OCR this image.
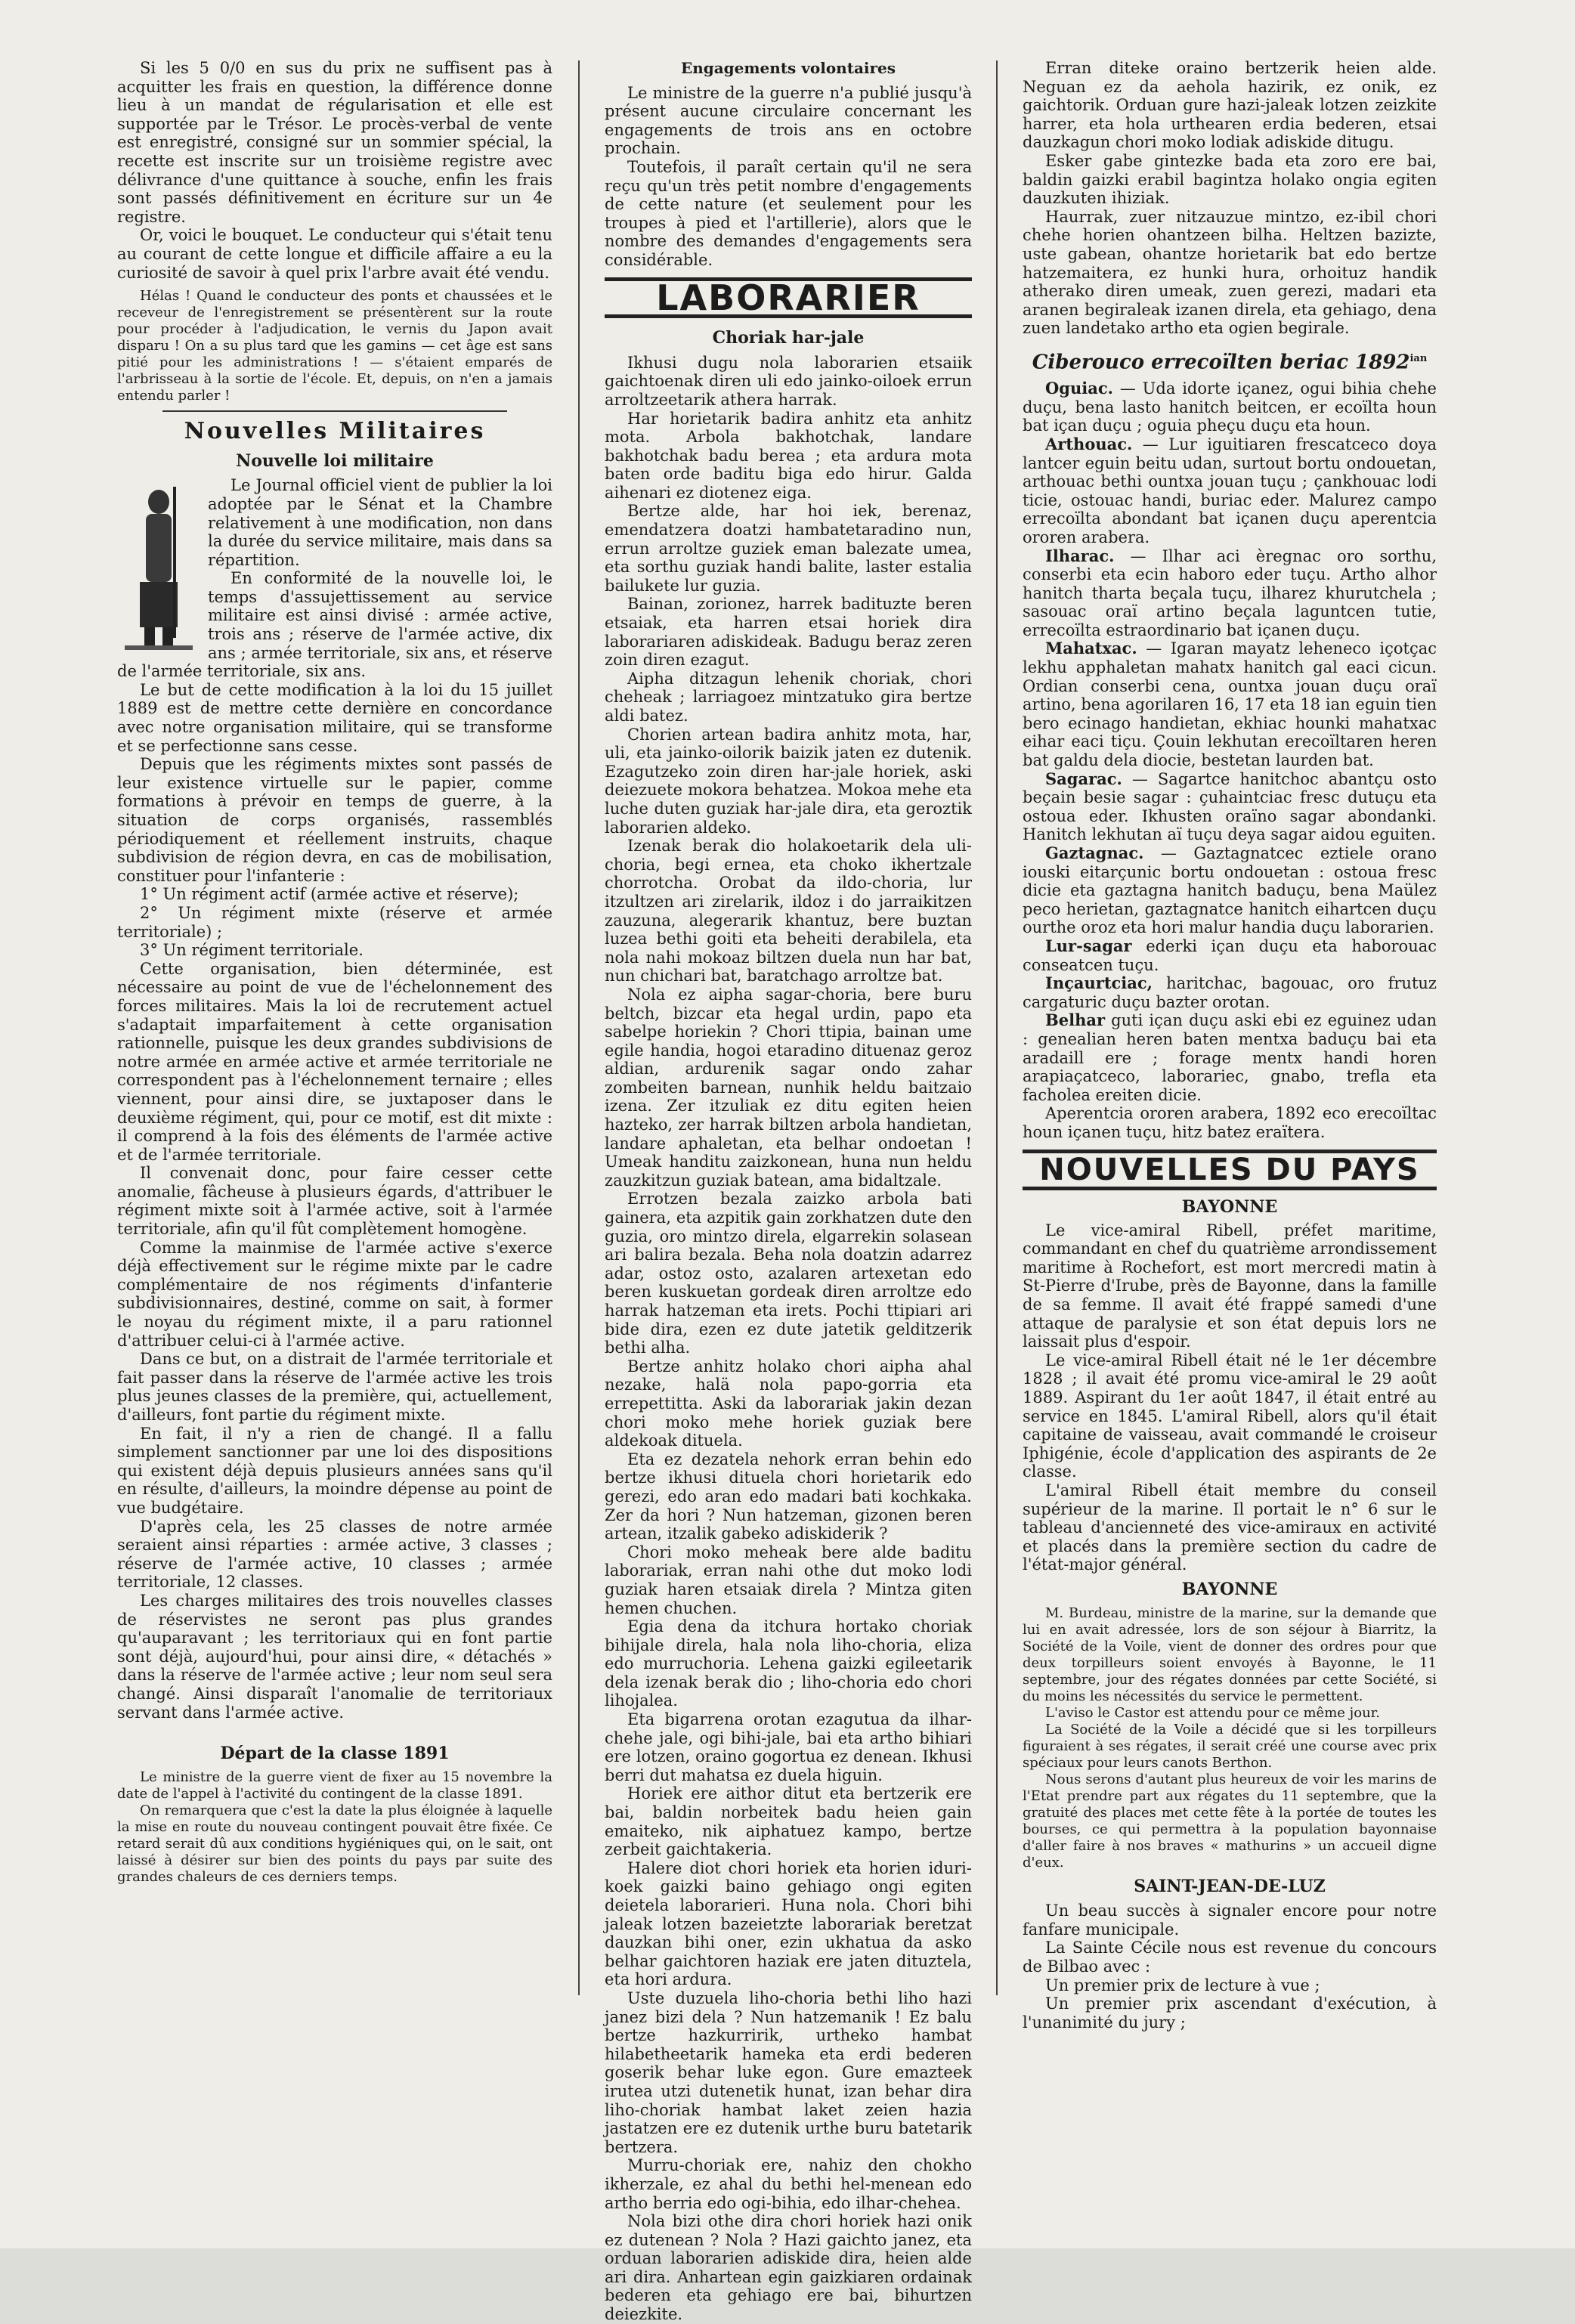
Si les 5 0/0 en sus du prix ne suffisent pas à acquitter les frais en question, la différence donne lieu à un mandat de régularisation et elle est supportée par le Trésor. Le procès-verbal de vente est enregistré, consigné sur un sommier spécial, la recette est inscrite sur un troisième registre avec délivrance d'une quittance à souche, enfin les frais sont passés définitivement en écriture sur un 4e registre.

Or, voici le bouquet. Le conducteur qui s'était tenu au courant de cette longue et difficile affaire a eu la curiosité de savoir à quel prix l'arbre avait été vendu.

Hélas ! Quand le conducteur des ponts et chaussées et le receveur de l'enregistrement se présentèrent sur la route pour procéder à l'adjudication, le vernis du Japon avait disparu ! On a su plus tard que les gamins — cet âge est sans pitié pour les administrations ! — s'étaient emparés de l'arbrisseau à la sortie de l'école. Et, depuis, on n'en a jamais entendu parler !

Nouvelles Militaires
Nouvelle loi militaire

Le Journal officiel vient de publier la loi adoptée par le Sénat et la Chambre relativement à une modification, non dans la durée du service militaire, mais dans sa répartition.

En conformité de la nouvelle loi, le temps d'assujettissement au service militaire est ainsi divisé : armée active, trois ans ; réserve de l'armée active, dix ans ; armée territoriale, six ans, et réserve de l'armée territoriale, six ans.

Le but de cette modification à la loi du 15 juillet 1889 est de mettre cette dernière en concordance avec notre organisation militaire, qui se transforme et se perfectionne sans cesse.

Depuis que les régiments mixtes sont passés de leur existence virtuelle sur le papier, comme formations à prévoir en temps de guerre, à la situation de corps organisés, rassemblés périodiquement et réellement instruits, chaque subdivision de région devra, en cas de mobilisation, constituer pour l'infanterie :

1° Un régiment actif (armée active et réserve);

2° Un régiment mixte (réserve et armée territoriale) ;

3° Un régiment territoriale.

Cette organisation, bien déterminée, est nécessaire au point de vue de l'échelonnement des forces militaires. Mais la loi de recrutement actuel s'adaptait imparfaitement à cette organisation rationnelle, puisque les deux grandes subdivisions de notre armée en armée active et armée territoriale ne correspondent pas à l'échelonnement ternaire ; elles viennent, pour ainsi dire, se juxtaposer dans le deuxième régiment, qui, pour ce motif, est dit mixte : il comprend à la fois des éléments de l'armée active et de l'armée territoriale.

Il convenait donc, pour faire cesser cette anomalie, fâcheuse à plusieurs égards, d'attribuer le régiment mixte soit à l'armée active, soit à l'armée territoriale, afin qu'il fût complètement homogène.

Comme la mainmise de l'armée active s'exerce déjà effectivement sur le régime mixte par le cadre complémentaire de nos régiments d'infanterie subdivisionnaires, destiné, comme on sait, à former le noyau du régiment mixte, il a paru rationnel d'attribuer celui-ci à l'armée active.

Dans ce but, on a distrait de l'armée territoriale et fait passer dans la réserve de l'armée active les trois plus jeunes classes de la première, qui, actuellement, d'ailleurs, font partie du régiment mixte.

En fait, il n'y a rien de changé. Il a fallu simplement sanctionner par une loi des dispositions qui existent déjà depuis plusieurs années sans qu'il en résulte, d'ailleurs, la moindre dépense au point de vue budgétaire.

D'après cela, les 25 classes de notre armée seraient ainsi réparties : armée active, 3 classes ; réserve de l'armée active, 10 classes ; armée territoriale, 12 classes.

Les charges militaires des trois nouvelles classes de réservistes ne seront pas plus grandes qu'auparavant ; les territoriaux qui en font partie sont déjà, aujourd'hui, pour ainsi dire, « détachés » dans la réserve de l'armée active ; leur nom seul sera changé. Ainsi disparaît l'anomalie de territoriaux servant dans l'armée active.

Départ de la classe 1891

Le ministre de la guerre vient de fixer au 15 novembre la date de l'appel à l'activité du contingent de la classe 1891.

On remarquera que c'est la date la plus éloignée à laquelle la mise en route du nouveau contingent pouvait être fixée. Ce retard serait dû aux conditions hygiéniques qui, on le sait, ont laissé à désirer sur bien des points du pays par suite des grandes chaleurs de ces derniers temps.

Engagements volontaires

Le ministre de la guerre n'a publié jusqu'à présent aucune circulaire concernant les engagements de trois ans en octobre prochain.

Toutefois, il paraît certain qu'il ne sera reçu qu'un très petit nombre d'engagements de cette nature (et seulement pour les troupes à pied et l'artillerie), alors que le nombre des demandes d'engagements sera considérable.

LABORARIER
Choriak har-jale

Ikhusi dugu nola laborarien etsaiik gaichtoenak diren uli edo jainko-oiloek errun arroltzeetarik athera harrak.

Har horietarik badira anhitz eta anhitz mota. Arbola bakhotchak, landare bakhotchak badu berea ; eta ardura mota baten orde baditu biga edo hirur. Galda aihenari ez diotenez eiga.

Bertze alde, har hoi iek, berenaz, emendatzera doatzi hambatetaradino nun, errun arroltze guziek eman balezate umea, eta sorthu guziak handi balite, laster estalia bailukete lur guzia.

Bainan, zorionez, harrek badituzte beren etsaiak, eta harren etsai horiek dira laborariaren adiskideak. Badugu beraz zeren zoin diren ezagut.

Aipha ditzagun lehenik choriak, chori cheheak ; larriagoez mintzatuko gira bertze aldi batez.

Chorien artean badira anhitz mota, har, uli, eta jainko-oilorik baizik jaten ez dutenik. Ezagutzeko zoin diren har-jale horiek, aski deiezuete mokora behatzea. Mokoa mehe eta luche duten guziak har-jale dira, eta geroztik laborarien aldeko.

Izenak berak dio holakoetarik dela uli-choria, begi ernea, eta choko ikhertzale chorrotcha. Orobat da ildo-choria, lur itzultzen ari zirelarik, ildoz i do jarraikitzen zauzuna, alegerarik khantuz, bere buztan luzea bethi goiti eta beheiti derabilela, eta nola nahi mokoaz biltzen duela nun har bat, nun chichari bat, baratchago arroltze bat.

Nola ez aipha sagar-choria, bere buru beltch, bizcar eta hegal urdin, papo eta sabelpe horiekin ? Chori ttipia, bainan ume egile handia, hogoi etaradino dituenaz geroz aldian, ardurenik sagar ondo zahar zombeiten barnean, nunhik heldu baitzaio izena. Zer itzuliak ez ditu egiten heien hazteko, zer harrak biltzen arbola handietan, landare aphaletan, eta belhar ondoetan ! Umeak handitu zaizkonean, huna nun heldu zauzkitzun guziak batean, ama bidaltzale.

Errotzen bezala zaizko arbola bati gainera, eta azpitik gain zorkhatzen dute den guzia, oro mintzo direla, elgarrekin solasean ari balira bezala. Beha nola doatzin adarrez adar, ostoz osto, azalaren artexetan edo beren kuskuetan gordeak diren arroltze edo harrak hatzeman eta irets. Pochi ttipiari ari bide dira, ezen ez dute jatetik gelditzerik bethi alha.

Bertze anhitz holako chori aipha ahal nezake, halä nola papo-gorria eta errepettitta. Aski da laborariak jakin dezan chori moko mehe horiek guziak bere aldekoak dituela.

Eta ez dezatela nehork erran behin edo bertze ikhusi dituela chori horietarik edo gerezi, edo aran edo madari bati kochkaka. Zer da hori ? Nun hatzeman, gizonen beren artean, itzalik gabeko adiskiderik ?

Chori moko meheak bere alde baditu laborariak, erran nahi othe dut moko lodi guziak haren etsaiak direla ? Mintza giten hemen chuchen.

Egia dena da itchura hortako choriak bihijale direla, hala nola liho-choria, eliza edo murruchoria. Lehena gaizki egileetarik dela izenak berak dio ; liho-choria edo chori lihojalea.

Eta bigarrena orotan ezagutua da ilhar-chehe jale, ogi bihi-jale, bai eta artho bihiari ere lotzen, oraino gogortua ez denean. Ikhusi berri dut mahatsa ez duela higuin.

Horiek ere aithor ditut eta bertzerik ere bai, baldin norbeitek badu heien gain emaiteko, nik aiphatuez kampo, bertze zerbeit gaichtakeria.

Halere diot chori horiek eta horien iduri-koek gaizki baino gehiago ongi egiten deietela laborarieri. Huna nola. Chori bihi jaleak lotzen bazeietzte laborariak beretzat dauzkan bihi oner, ezin ukhatua da asko belhar gaichtoren haziak ere jaten dituztela, eta hori ardura.

Uste duzuela liho-choria bethi liho hazi janez bizi dela ? Nun hatzemanik ! Ez balu bertze hazkurririk, urtheko hambat hilabetheetarik hameka eta erdi bederen goserik behar luke egon. Gure emazteek irutea utzi dutenetik hunat, izan behar dira liho-choriak hambat laket zeien hazia jastatzen ere ez dutenik urthe buru batetarik bertzera.

Murru-choriak ere, nahiz den chokho ikherzale, ez ahal du bethi hel-menean edo artho berria edo ogi-bihia, edo ilhar-chehea.

Nola bizi othe dira chori horiek hazi onik ez dutenean ? Nola ? Hazi gaichto janez, eta orduan laborarien adiskide dira, heien alde ari dira. Anhartean egin gaizkiaren ordainak bederen eta gehiago ere bai, bihurtzen deiezkite.

Erran diteke oraino bertzerik heien alde. Neguan ez da aehola hazirik, ez onik, ez gaichtorik. Orduan gure hazi-jaleak lotzen zeizkite harrer, eta hola urthearen erdia bederen, etsai dauzkagun chori moko lodiak adiskide ditugu.

Esker gabe gintezke bada eta zoro ere bai, baldin gaizki erabil bagintza holako ongia egiten dauzkuten ihiziak.

Haurrak, zuer nitzauzue mintzo, ez-ibil chori chehe horien ohantzeen bilha. Heltzen bazizte, uste gabean, ohantze horietarik bat edo bertze hatzemaitera, ez hunki hura, orhoituz handik atherako diren umeak, zuen gerezi, madari eta aranen begiraleak izanen direla, eta gehiago, dena zuen landetako artho eta ogien begirale.

Ciberouco errecoïlten beriac $1892^{ian}$

Oguiac. — Uda idorte içanez, ogui bihia chehe duçu, bena lasto hanitch beitcen, er ecoïlta houn bat içan duçu ; oguia pheçu duçu eta houn.

Arthouac. — Lur iguitiaren frescatceco doya lantcer eguin beitu udan, surtout bortu ondouetan, arthouac bethi ountxa jouan tuçu ; çankhouac lodi ticie, ostouac handi, buriac eder. Malurez campo errecoïlta abondant bat içanen duçu aperentcia ororen arabera.

Ilharac. — Ilhar aci èregnac oro sorthu, conserbi eta ecin haboro eder tuçu. Artho alhor hanitch tharta beçala tuçu, ilharez khurutchela ; sasouac oraï artino beçala laguntcen tutie, errecoïlta estraordinario bat içanen duçu.

Mahatxac. — Igaran mayatz leheneco içotçac lekhu apphaletan mahatx hanitch gal eaci cicun. Ordian conserbi cena, ountxa jouan duçu oraï artino, bena agorilaren 16, 17 eta 18 ian eguin tien bero ecinago handietan, ekhiac hounki mahatxac eihar eaci tiçu. Çouin lekhutan erecoïltaren heren bat galdu dela diocie, bestetan laurden bat.

Sagarac. — Sagartce hanitchoc abantçu osto beçain besie sagar : çuhaintciac fresc dutuçu eta ostoua eder. Ikhusten oraïno sagar abondanki. Hanitch lekhutan aï tuçu deya sagar aidou eguiten.

Gaztagnac. — Gaztagnatcec eztiele orano iouski eitarçunic bortu ondouetan : ostoua fresc dicie eta gaztagna hanitch baduçu, bena Maülez peco herietan, gaztagnatce hanitch eihartcen duçu ourthe oroz eta hori malur handia duçu laborarien.

Lur-sagar ederki içan duçu eta haborouac conseatcen tuçu.

Inçaurtciac, haritchac, bagouac, oro frutuz cargaturic duçu bazter orotan.

Belhar guti içan duçu aski ebi ez eguinez udan : genealian heren baten mentxa baduçu bai eta aradaill ere ; forage mentx handi horen arapiaçatceco, laborariec, gnabo, trefla eta facholea ereiten dicie.

Aperentcia ororen arabera, 1892 eco erecoïltac houn içanen tuçu, hitz batez eraïtera.

NOUVELLES DU PAYS
BAYONNE

Le vice-amiral Ribell, préfet maritime, commandant en chef du quatrième arrondissement maritime à Rochefort, est mort mercredi matin à St-Pierre d'Irube, près de Bayonne, dans la famille de sa femme. Il avait été frappé samedi d'une attaque de paralysie et son état depuis lors ne laissait plus d'espoir.

Le vice-amiral Ribell était né le 1er décembre 1828 ; il avait été promu vice-amiral le 29 août 1889. Aspirant du 1er août 1847, il était entré au service en 1845. L'amiral Ribell, alors qu'il était capitaine de vaisseau, avait commandé le croiseur Iphigénie, école d'application des aspirants de 2e classe.

L'amiral Ribell était membre du conseil supérieur de la marine. Il portait le n° 6 sur le tableau d'ancienneté des vice-amiraux en activité et placés dans la première section du cadre de l'état-major général.

BAYONNE

M. Burdeau, ministre de la marine, sur la demande que lui en avait adressée, lors de son séjour à Biarritz, la Société de la Voile, vient de donner des ordres pour que deux torpilleurs soient envoyés à Bayonne, le 11 septembre, jour des régates données par cette Société, si du moins les nécessités du service le permettent.

L'aviso le Castor est attendu pour ce même jour.

La Société de la Voile a décidé que si les torpilleurs figuraient à ses régates, il serait créé une course avec prix spéciaux pour leurs canots Berthon.

Nous serons d'autant plus heureux de voir les marins de l'Etat prendre part aux régates du 11 septembre, que la gratuité des places met cette fête à la portée de toutes les bourses, ce qui permettra à la population bayonnaise d'aller faire à nos braves « mathurins » un accueil digne d'eux.

SAINT-JEAN-DE-LUZ

Un beau succès à signaler encore pour notre fanfare municipale.

La Sainte Cécile nous est revenue du concours de Bilbao avec :

Un premier prix de lecture à vue ;

Un premier prix ascendant d'exécution, à l'unanimité du jury ;
